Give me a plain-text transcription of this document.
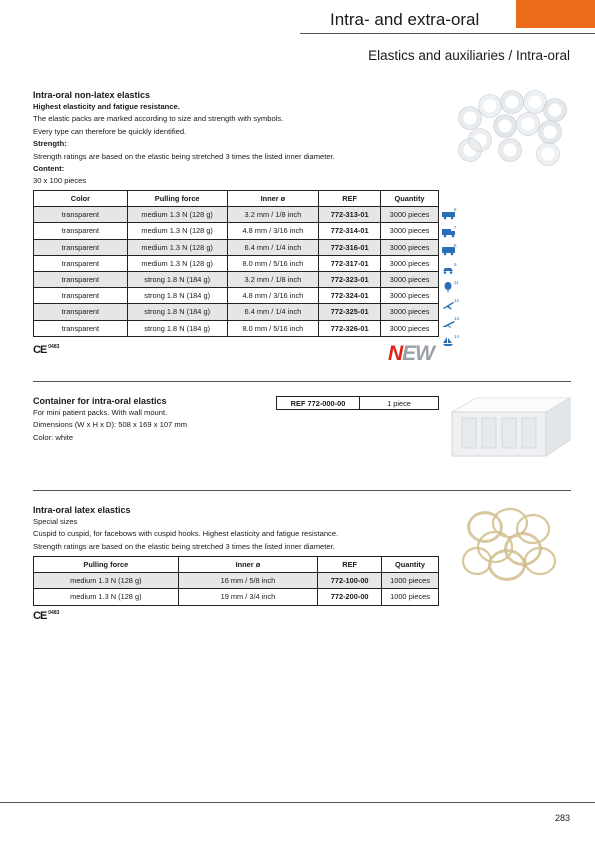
Intra- and extra-oral
Elastics and auxiliaries / Intra-oral
Intra-oral non-latex elastics
Highest elasticity and fatigue resistance.
The elastic packs are marked according to size and strength with symbols.
Every type can therefore be quickly identified.
Strength:
Strength ratings are based on the elastic being stretched 3 times the listed inner diameter.
Content:
30 x 100 pieces
Color	Pulling force	Inner ø	REF	Quantity
transparent	medium 1.3 N (128 g)	3.2 mm / 1/8 inch	772-313-01	3000 pieces
transparent	medium 1.3 N (128 g)	4.8 mm / 3/16 inch	772-314-01	3000 pieces
transparent	medium 1.3 N (128 g)	6.4 mm / 1/4 inch	772-316-01	3000 pieces
transparent	medium 1.3 N (128 g)	8.0 mm / 5/16 inch	772-317-01	3000 pieces
transparent	strong 1.8 N (184 g)	3.2 mm / 1/8 inch	772-323-01	3000 pieces
transparent	strong 1.8 N (184 g)	4.8 mm / 3/16 inch	772-324-01	3000 pieces
transparent	strong 1.8 N (184 g)	6.4 mm / 1/4 inch	772-325-01	3000 pieces
transparent	strong 1.8 N (184 g)	8.0 mm / 5/16 inch	772-326-01	3000 pieces
6
7
8
9
11
12
13
14
CE $^{0483}$	NEW
Container for intra-oral elastics
For mini patient packs. With wall mount.
Dimensions (W x H x D): 508 x 169 x 107 mm
Color: white
REF 772-000-00	1 piece
Intra-oral latex elastics
Special sizes
Cuspid to cuspid, for facebows with cuspid hooks. Highest elasticity and fatigue resistance.
Strength ratings are based on the elastic being stretched 3 times the listed inner diameter.
Pulling force	Inner ø	REF	Quantity
medium 1.3 N (128 g)	16 mm / 5/8 inch	772-100-00	1000 pieces
medium 1.3 N (128 g)	19 mm / 3/4 inch	772-200-00	1000 pieces
CE $^{0483}$
283
